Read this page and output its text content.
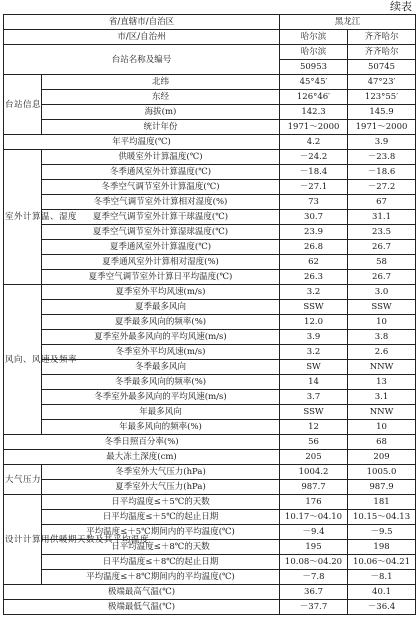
续表
省/直辖市/自治区		黑龙江	
市/区/自治州		哈尔滨	齐齐哈尔
台站名称及编号		哈尔滨	齐齐哈尔
		50953	50745
台站信息	北纬	45°45′	47°23′
	东经	126°46′	123°55′
	海拔(m)	142.3	145.9
	统计年份	1971～2000	1971～2000
年平均温度(℃)		4.2	3.9
室外计算温、湿度	供暖室外计算温度(℃)	－24.2	－23.8
	冬季通风室外计算温度(℃)	－18.4	－18.6
	冬季空气调节室外计算温度(℃)	－27.1	－27.2
	冬季空气调节室外计算相对湿度(%)	73	67
	夏季空气调节室外计算干球温度(℃)	30.7	31.1
	夏季空气调节室外计算湿球温度(℃)	23.9	23.5
	夏季通风室外计算温度(℃)	26.8	26.7
	夏季通风室外计算相对湿度(%)	62	58
	夏季空气调节室外计算日平均温度(℃)	26.3	26.7
风向、风速及频率	夏季室外平均风速(m/s)	3.2	3.0
	夏季最多风向	SSW	SSW
	夏季最多风向的频率(%)	12.0	10
	夏季室外最多风向的平均风速(m/s)	3.9	3.8
	冬季室外平均风速(m/s)	3.2	2.6
	冬季最多风向	SW	NNW
	冬季最多风向的频率(%)	14	13
	冬季室外最多风向的平均风速(m/s)	3.7	3.1
	年最多风向	SSW	NNW
	年最多风向的频率(%)	12	10
冬季日照百分率(%)		56	68
最大冻土深度(cm)		205	209
大气压力	冬季室外大气压力(hPa)	1004.2	1005.0
	夏季室外大气压力(hPa)	987.7	987.9
设计计算用供暖期天数及其平均温度	日平均温度≤＋5℃的天数	176	181
	日平均温度≤＋5℃的起止日期	10.17～04.10	10.15～04.13
	平均温度≤＋5℃期间内的平均温度(℃)	－9.4	－9.5
	日平均温度≤＋8℃的天数	195	198
	日平均温度≤＋8℃的起止日期	10.08～04.20	10.06～04.21
	平均温度≤＋8℃期间内的平均温度(℃)	－7.8	－8.1
极端最高气温(℃)		36.7	40.1
极端最低气温(℃)		－37.7	－36.4
